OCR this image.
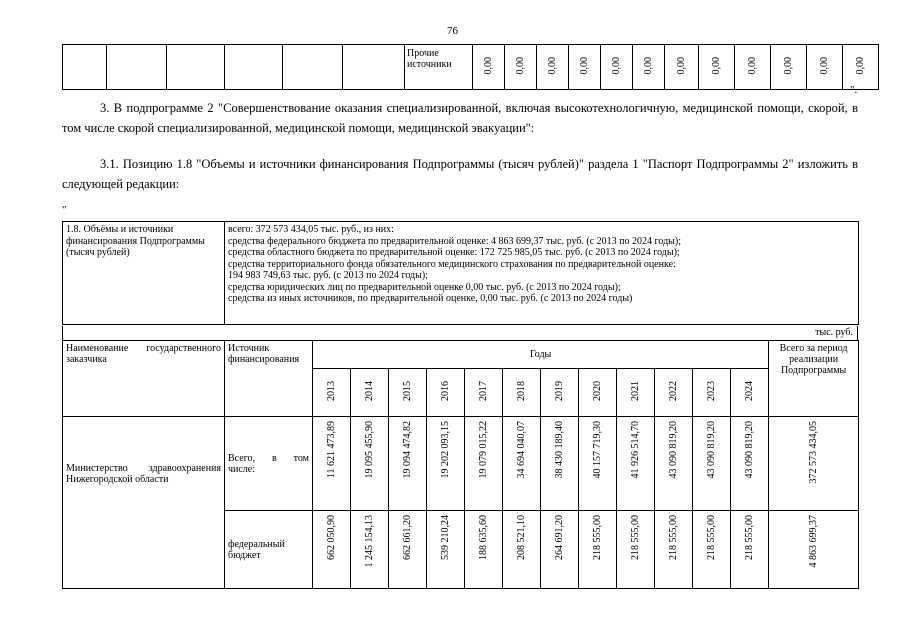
76
						Прочие источники	0,00	0,00	0,00	0,00	0,00	0,00	0,00	0,00	0,00	0,00	0,00	0,00
".
3. В подпрограмме 2 "Совершенствование оказания специализированной, включая высокотехнологичную, медицинской помощи, скорой, в том числе скорой специализированной, медицинской помощи, медицинской эвакуации":
3.1. Позицию 1.8 "Объемы и источники финансирования Подпрограммы (тысяч рублей)" раздела 1 "Паспорт Подпрограммы 2" изложить в следующей редакции:
"
1.8. Объёмы и источники финансирования Подпрограммы (тысяч рублей)	
всего: 372 573 434,05 тыс. руб., из них:
средства федерального бюджета по предварительной оценке: 4 863 699,37 тыс. руб. (с 2013 по 2024 годы);
средства областного бюджета по предварительной оценке: 172 725 985,05 тыс. руб. (с 2013 по 2024 годы);
средства территориального фонда обязательного медицинского страхования по предварительной оценке:
194 983 749,63 тыс. руб. (с 2013 по 2024 годы);
средства юридических лиц по предварительной оценке 0,00 тыс. руб. (с 2013 по 2024 годы);
средства из иных источников, по предварительной оценке, 0,00 тыс. руб. (с 2013 по 2024 годы)
тыс. руб.
Наименование государственного заказчика	Источник финансирования	Годы												Всего за период реализации Подпрограммы
		2013	2014	2015	2016	2017	2018	2019	2020	2021	2022	2023	2024	
Министерство здравоохранения Нижегородской области	Всего, в том числе:	11 621 473,89	19 095 455,90	19 094 474,82	19 202 093,15	19 079 015,22	34 694 040,07	38 430 189,40	40 157 719,30	41 926 514,70	43 090 819,20	43 090 819,20	43 090 819,20	372 573 434,05
	федеральный бюджет	662 050,90	1 245 154,13	662 661,20	539 210,24	188 635,60	208 521,10	264 691,20	218 555,00	218 555,00	218 555,00	218 555,00	218 555,00	4 863 699,37
